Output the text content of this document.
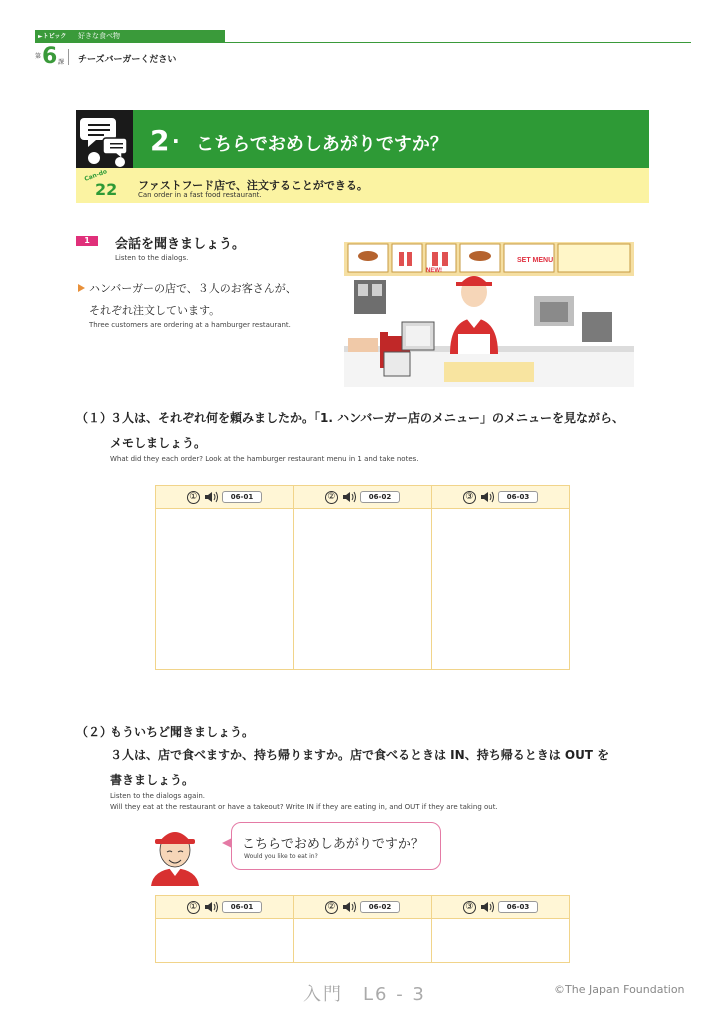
►トピック 好きな食べ物
第 6 課 チーズバーガーください
2 . こちらでおめしあがりですか？
Can-do
22 ファストフード店で、注文することができる。
Can order in a fast food restaurant.
1	会話を聞きましょう。
Listen to the dialogs.
ハンバーガーの店で、３人のお客さんが、
それぞれ注文しています。
Three customers are ordering at a hamburger restaurant.
SET MENU
NEW!
（１）
３人は、それぞれ何を頼みましたか。「1. ハンバーガー店のメニュー」のメニューを見ながら、
メモしましょう。
What did they each order? Look at the hamburger restaurant menu in 1 and take notes.
①	06-01	②	06-02	③	06-03
（２）
もういちど聞きましょう。
３人は、店で食べますか、持ち帰りますか。店で食べるときは IN、持ち帰るときは OUT を
書きましょう。
Listen to the dialogs again.
Will they eat at the restaurant or have a takeout? Write IN if they are eating in, and OUT if they are taking out.
こちらでおめしあがりですか？
Would you like to eat in?
①	06-01	②	06-02	③	06-03
入門　L6 - 3	©The Japan Foundation
